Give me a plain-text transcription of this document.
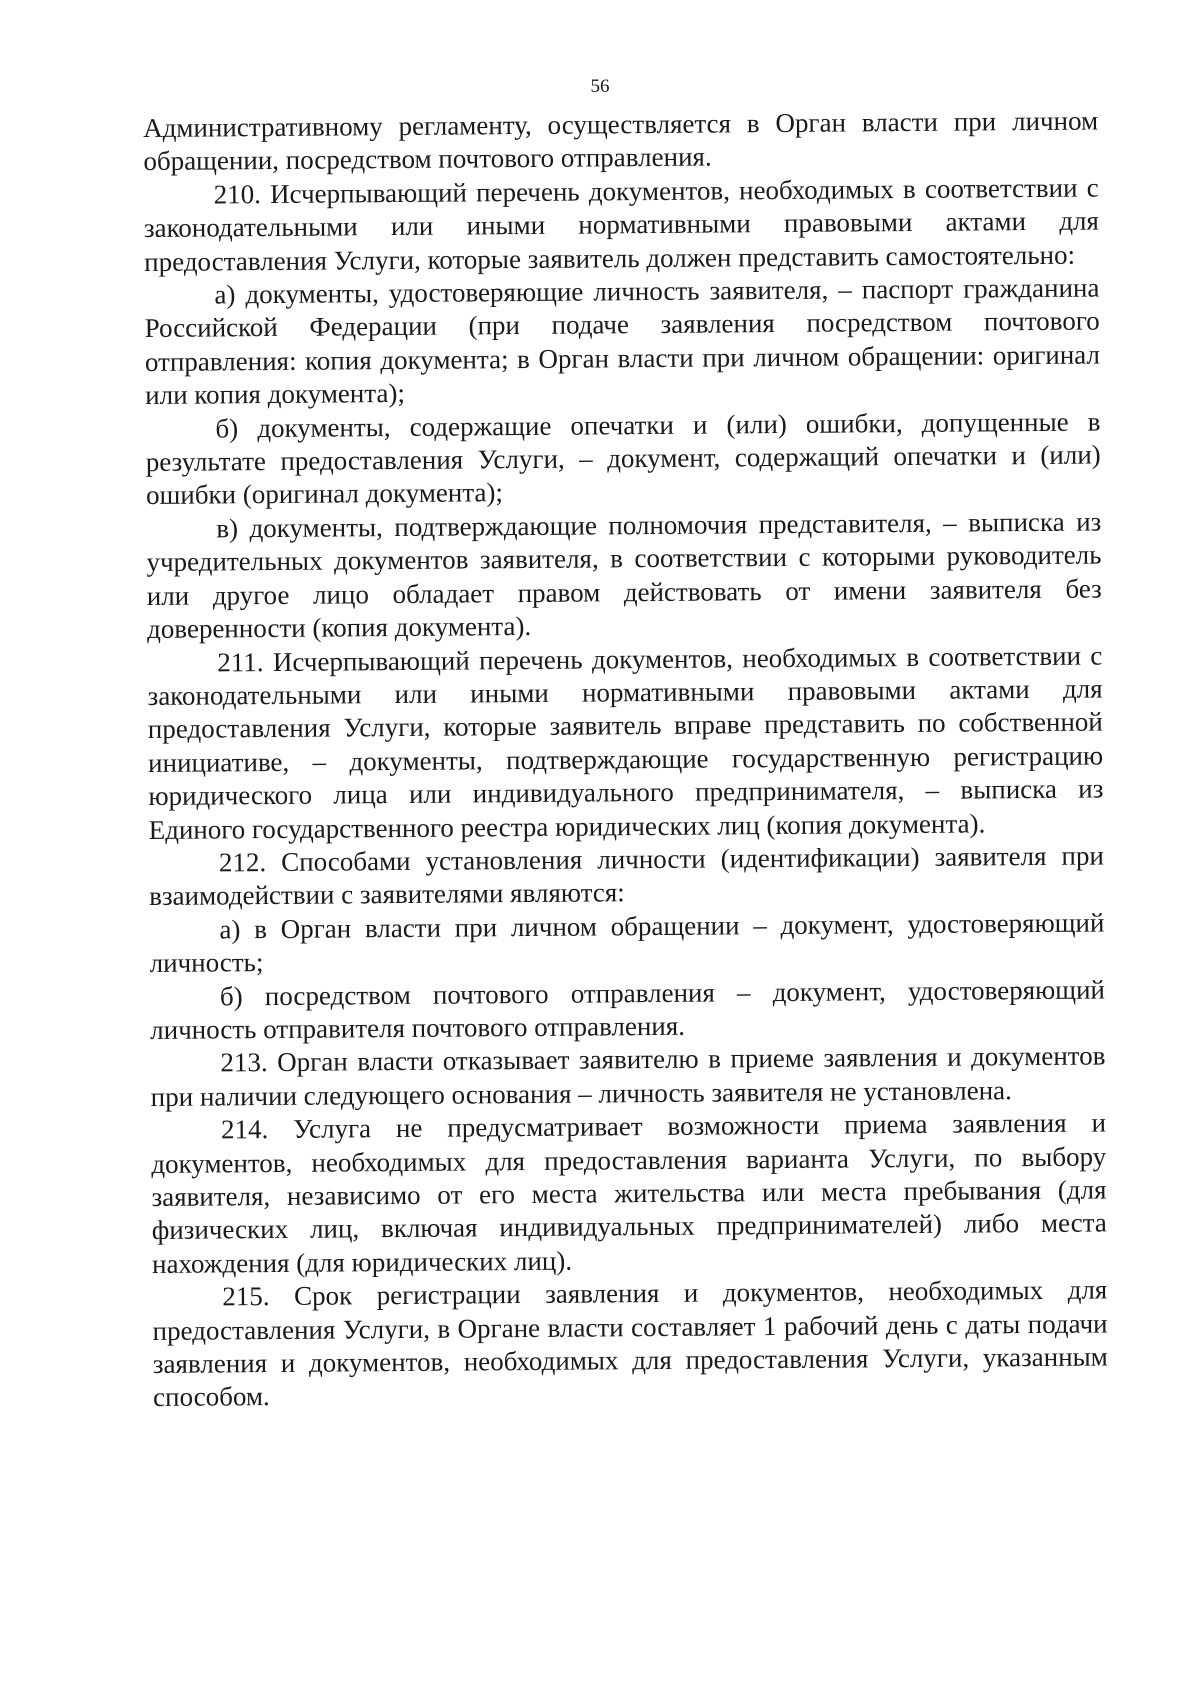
56

Административному регламенту, осуществляется в Орган власти при личном обращении, посредством почтового отправления.

210. Исчерпывающий перечень документов, необходимых в соответствии с законодательными или иными нормативными правовыми актами для предоставления Услуги, которые заявитель должен представить самостоятельно:

а) документы, удостоверяющие личность заявителя, – паспорт гражданина Российской Федерации (при подаче заявления посредством почтового отправления: копия документа; в Орган власти при личном обращении: оригинал или копия документа);

б) документы, содержащие опечатки и (или) ошибки, допущенные в результате предоставления Услуги, – документ, содержащий опечатки и (или) ошибки (оригинал документа);

в) документы, подтверждающие полномочия представителя, – выписка из учредительных документов заявителя, в соответствии с которыми руководитель или другое лицо обладает правом действовать от имени заявителя без доверенности (копия документа).

211. Исчерпывающий перечень документов, необходимых в соответствии с законодательными или иными нормативными правовыми актами для предоставления Услуги, которые заявитель вправе представить по собственной инициативе, – документы, подтверждающие государственную регистрацию юридического лица или индивидуального предпринимателя, – выписка из Единого государственного реестра юридических лиц (копия документа).

212. Способами установления личности (идентификации) заявителя при взаимодействии с заявителями являются:

а) в Орган власти при личном обращении – документ, удостоверяющий личность;

б) посредством почтового отправления – документ, удостоверяющий личность отправителя почтового отправления.

213. Орган власти отказывает заявителю в приеме заявления и документов при наличии следующего основания – личность заявителя не установлена.

214. Услуга не предусматривает возможности приема заявления и документов, необходимых для предоставления варианта Услуги, по выбору заявителя, независимо от его места жительства или места пребывания (для физических лиц, включая индивидуальных предпринимателей) либо места нахождения (для юридических лиц).

215. Срок регистрации заявления и документов, необходимых для предоставления Услуги, в Органе власти составляет 1 рабочий день с даты подачи заявления и документов, необходимых для предоставления Услуги, указанным способом.
